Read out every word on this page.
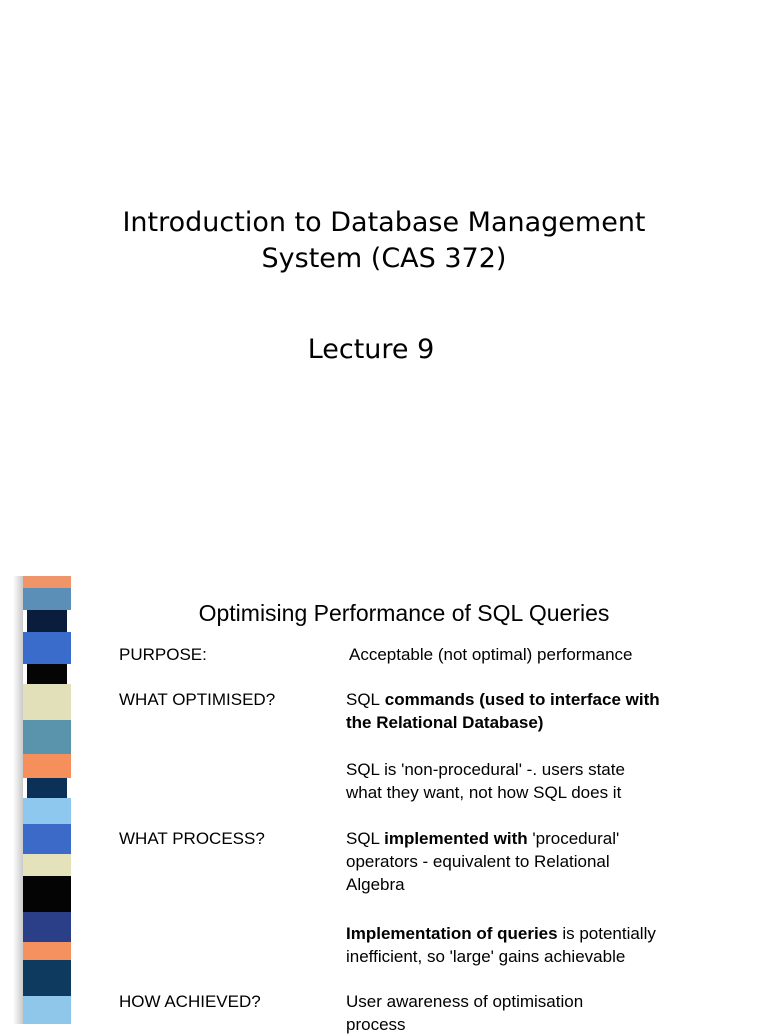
Introduction to Database Management
System (CAS 372)
Lecture 9
Optimising Performance of SQL Queries
PURPOSE:	Acceptable (not optimal) performance
WHAT OPTIMISED?	SQL commands (used to interface with
the Relational Database)
SQL is 'non-procedural' -. users state
what they want, not how SQL does it
WHAT PROCESS?	SQL implemented with 'procedural'
operators - equivalent to Relational
Algebra
Implementation of queries is potentially
inefficient, so 'large' gains achievable
HOW ACHIEVED?	User awareness of optimisation
process
